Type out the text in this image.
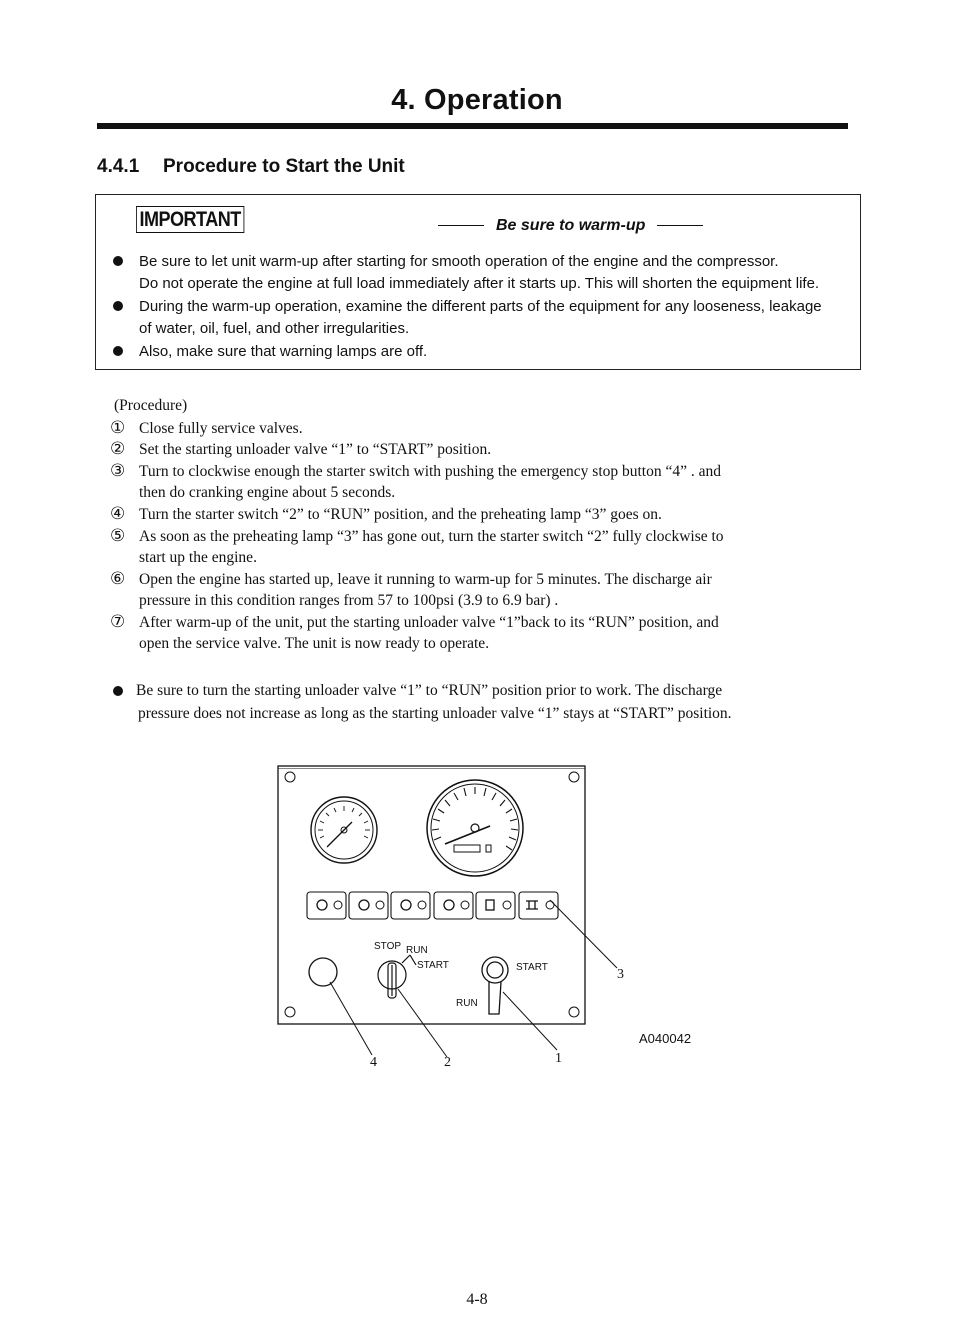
4. Operation
4.4.1 Procedure to Start the Unit
IMPORTANT	Be sure to warm-up
Be sure to let unit warm-up after starting for smooth operation of the engine and the compressor.
Do not operate the engine at full load immediately after it starts up. This will shorten the equipment life.
During the warm-up operation, examine the different parts of the equipment for any looseness, leakage
of water, oil, fuel, and other irregularities.
Also, make sure that warning lamps are off.
(Procedure)
① Close fully service valves.
② Set the starting unloader valve “1” to “START” position.
③ Turn to clockwise enough the starter switch with pushing the emergency stop button “4” . and
then do cranking engine about 5 seconds.
④ Turn the starter switch “2” to “RUN” position, and the preheating lamp “3” goes on.
⑤ As soon as the preheating lamp “3” has gone out, turn the starter switch “2” fully clockwise to
start up the engine.
⑥ Open the engine has started up, leave it running to warm-up for 5 minutes. The discharge air
pressure in this condition ranges from 57 to 100psi (3.9 to 6.9 bar) .
⑦ After warm-up of the unit, put the starting unloader valve “1”back to its “RUN” position, and
open the service valve. The unit is now ready to operate.
Be sure to turn the starting unloader valve “1” to “RUN” position prior to work. The discharge
pressure does not increase as long as the starting unloader valve “1” stays at “START” position.
STOP RUN
START	START
RUN
3
4	2	1
A040042
4-8
